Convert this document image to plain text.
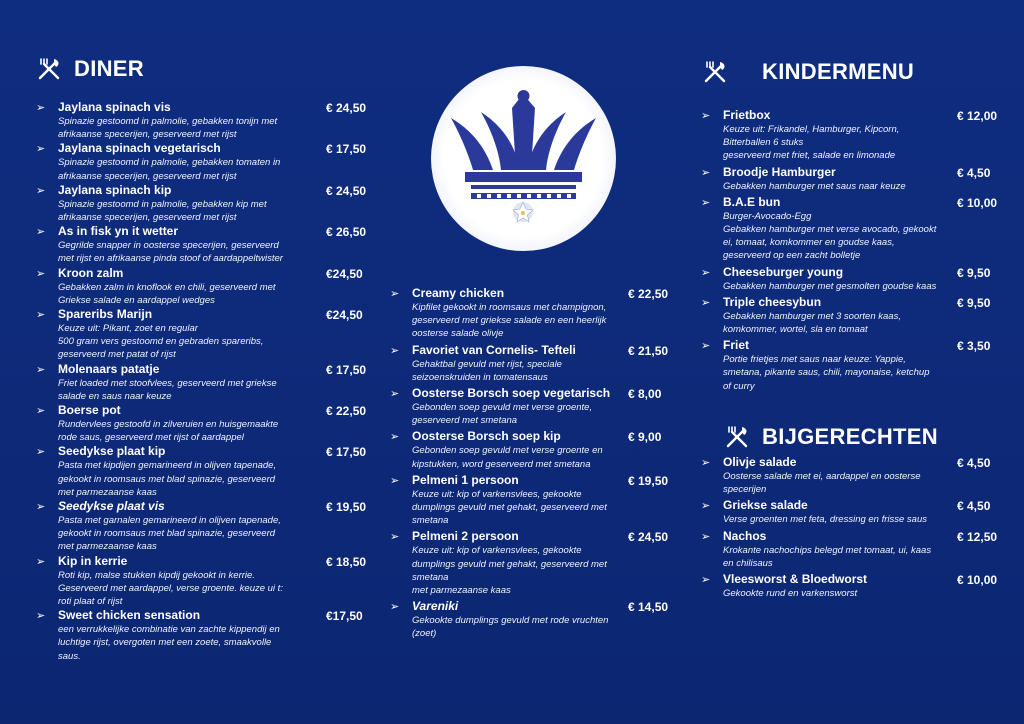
DINER	KINDERMENU
BIJGERECHTEN
➢	Jaylana spinach vis	€ 24,50
Spinazie gestoomd in palmolie, gebakken tonijn met
afrikaanse specerijen, geserveerd met rijst
➢	Jaylana spinach vegetarisch	€ 17,50
Spinazie gestoomd in palmolie, gebakken tomaten in
afrikaanse specerijen, geserveerd met rijst
➢	Jaylana spinach kip	€ 24,50
Spinazie gestoomd in palmolie, gebakken kip met
afrikaanse specerijen, geserveerd met rijst
➢	As in fisk yn it wetter	€ 26,50
Gegrilde snapper in oosterse specerijen, geserveerd
met rijst en afrikaanse pinda stoof of aardappeltwister
➢	Kroon zalm	€24,50
Gebakken zalm in knoflook en chili, geserveerd met
Griekse salade en aardappel wedges
➢	Spareribs Marijn	€24,50
Keuze uit: Pikant, zoet en regular
500 gram vers gestoomd en gebraden spareribs,
geserveerd met patat of rijst
➢	Molenaars patatje	€ 17,50
Friet loaded met stoofvlees, geserveerd met griekse
salade en saus naar keuze
➢	Boerse pot	€ 22,50
Rundervlees gestoofd in zilveruien en huisgemaakte
rode saus, geserveerd met rijst of aardappel
➢	Seedykse plaat kip	€ 17,50
Pasta met kipdijen gemarineerd in olijven tapenade,
gekookt in roomsaus met blad spinazie, geserveerd
met parmezaanse kaas
➢	Seedykse plaat vis	€ 19,50
Pasta met garnalen gemarineerd in olijven tapenade,
gekookt in roomsaus met blad spinazie, geserveerd
met parmezaanse kaas
➢	Kip in kerrie	€ 18,50
Roti kip, malse stukken kipdij gekookt in kerrie.
Geserveerd met aardappel, verse groente. keuze ui t:
roti plaat of rijst
➢	Sweet chicken sensation	€17,50
een verrukkelijke combinatie van zachte kippendij en
luchtige rijst, overgoten met een zoete, smaakvolle
saus.
➢	Creamy chicken	€ 22,50
Kipfilet gekookt in roomsaus met champignon,
geserveerd met griekse salade en een heerlijk
oosterse salade olivje
➢	Favoriet van Cornelis- Tefteli	€ 21,50
Gehaktbal gevuld met rijst, speciale
seizoenskruiden in tomatensaus
➢	Oosterse Borsch soep vegetarisch	€ 8,00
Gebonden soep gevuld met verse groente,
geserveerd met smetana
➢	Oosterse Borsch soep kip	€ 9,00
Gebonden soep gevuld met verse groente en
kipstukken, word geserveerd met smetana
➢	Pelmeni 1 persoon	€ 19,50
Keuze uit: kip of varkensvlees, gekookte
dumplings gevuld met gehakt, geserveerd met
smetana
➢	Pelmeni 2 persoon	€ 24,50
Keuze uit: kip of varkensvlees, gekookte
dumplings gevuld met gehakt, geserveerd met
smetana
met parmezaanse kaas
➢	Vareniki	€ 14,50
Gekookte dumplings gevuld met rode vruchten
(zoet)
➢	Frietbox	€ 12,00
Keuze uit: Frikandel, Hamburger, Kipcorn,
Bitterballen 6 stuks
geserveerd met friet, salade en limonade
➢	Broodje Hamburger	€ 4,50
Gebakken hamburger met saus naar keuze
➢	B.A.E bun	€ 10,00
Burger-Avocado-Egg
Gebakken hamburger met verse avocado, gekookt
ei, tomaat, komkommer en goudse kaas,
geserveerd op een zacht bolletje
➢	Cheeseburger young	€ 9,50
Gebakken hamburger met gesmolten goudse kaas
➢	Triple cheesybun	€ 9,50
Gebakken hamburger met 3 soorten kaas,
komkommer, wortel, sla en tomaat
➢	Friet	€ 3,50
Portie frietjes met saus naar keuze: Yappie,
smetana, pikante saus, chili, mayonaise, ketchup
of curry
➢	Olivje salade	€ 4,50
Oosterse salade met ei, aardappel en oosterse
specerijen
➢	Griekse salade	€ 4,50
Verse groenten met feta, dressing en frisse saus
➢	Nachos	€ 12,50
Krokante nachochips belegd met tomaat, ui, kaas
en chilisaus
➢	Vleesworst & Bloedworst	€ 10,00
Gekookte rund en varkensworst
